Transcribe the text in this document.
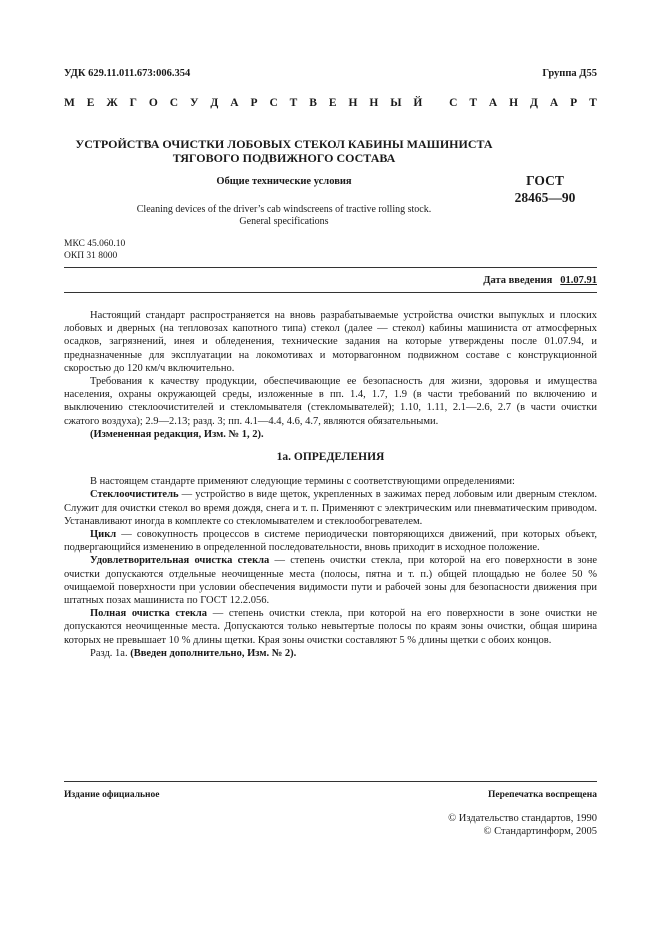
УДК 629.11.011.673:006.354	Группа Д55
М Е Ж Г О С У Д А Р С Т В Е Н Н Ы Й
С Т А Н Д А Р Т
УСТРОЙСТВА ОЧИСТКИ ЛОБОВЫХ СТЕКОЛ КАБИНЫ МАШИНИСТА
ТЯГОВОГО ПОДВИЖНОГО СОСТАВА
Общие технические условия	ГОСТ
28465—90
Cleaning devices of the driver’s cab windscreens of tractive rolling stock.
General specifications
МКС 45.060.10
ОКП 31 8000
Дата введения 01.07.91

Настоящий стандарт распространяется на вновь разрабатываемые устройства очистки выпуклых и плоских лобовых и дверных (на тепловозах капотного типа) стекол (далее — стекол) кабины машиниста от атмосферных осадков, загрязнений, инея и обледенения, технические задания на которые утверждены после 01.07.94, и предназначенные для эксплуатации на локомотивах и моторвагонном подвижном составе с конструкционной скоростью до 120 км/ч включительно.

Требования к качеству продукции, обеспечивающие ее безопасность для жизни, здоровья и имущества населения, охраны окружающей среды, изложенные в пп. 1.4, 1.7, 1.9 (в части требований по включению и выключению стеклоочистителей и стекломывателя (стекломывателей); 1.10, 1.11, 2.1—2.6, 2.7 (в части очистки сжатого воздуха); 2.9—2.13; разд. 3; пп. 4.1—4.4, 4.6, 4.7, являются обязательными.

(Измененная редакция, Изм. № 1, 2).

1а. ОПРЕДЕЛЕНИЯ

В настоящем стандарте применяют следующие термины с соответствующими определениями:

Стеклоочиститель — устройство в виде щеток, укрепленных в зажимах перед лобовым или дверным стеклом. Служит для очистки стекол во время дождя, снега и т. п. Применяют с электрическим или пневматическим приводом. Устанавливают иногда в комплекте со стекломывателем и стеклообогревателем.

Цикл — совокупность процессов в системе периодически повторяющихся движений, при которых объект, подвергающийся изменению в определенной последовательности, вновь приходит в исходное положение.

Удовлетворительная очистка стекла — степень очистки стекла, при которой на его поверхности в зоне очистки допускаются отдельные неочищенные места (полосы, пятна и т. п.) общей площадью не более 50 % очищаемой поверхности при условии обеспечения видимости пути и рабочей зоны для безопасности движения при штатных позах машиниста по ГОСТ 12.2.056.

Полная очистка стекла — степень очистки стекла, при которой на его поверхности в зоне очистки не допускаются неочищенные места. Допускаются только невытертые полосы по краям зоны очистки, общая ширина которых не превышает 10 % длины щетки. Края зоны очистки составляют 5 % длины щетки с обоих концов.

Разд. 1а. (Введен дополнительно, Изм. № 2).

Издание официальное	Перепечатка воспрещена
© Издательство стандартов, 1990
© Стандартинформ, 2005
